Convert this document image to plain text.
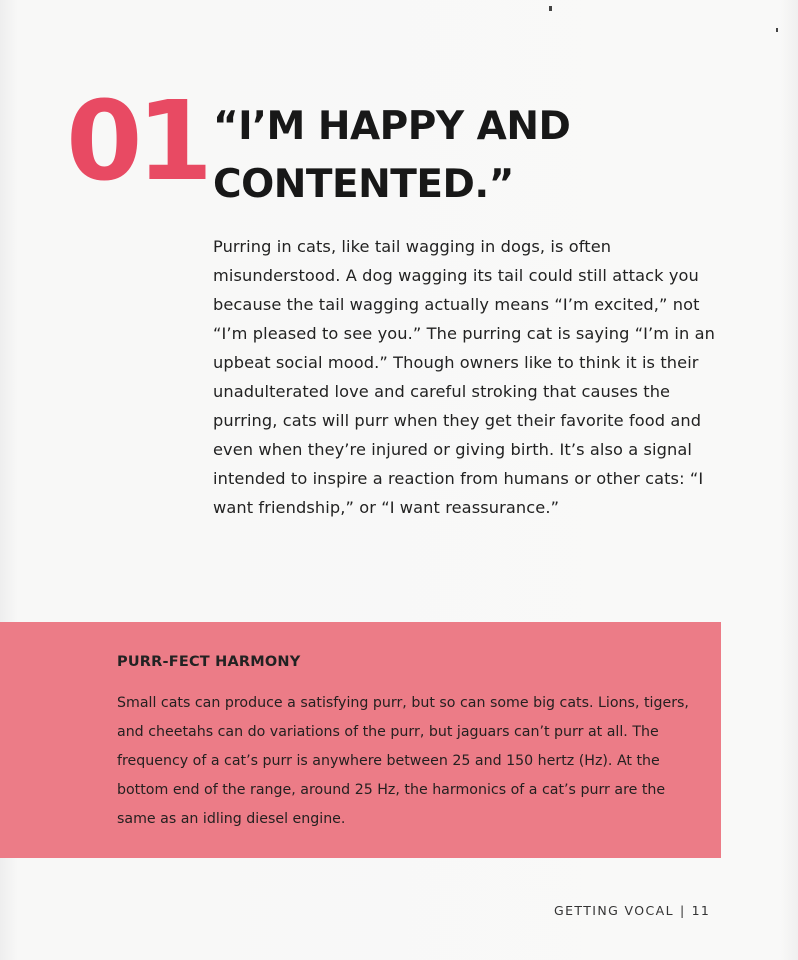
01 “I’M HAPPY AND
CONTENTED.”

Purring in cats, like tail wagging in dogs, is often
misunderstood. A dog wagging its tail could still attack you
because the tail wagging actually means “I’m excited,” not
“I’m pleased to see you.” The purring cat is saying “I’m in an
upbeat social mood.” Though owners like to think it is their
unadulterated love and careful stroking that causes the
purring, cats will purr when they get their favorite food and
even when they’re injured or giving birth. It’s also a signal
intended to inspire a reaction from humans or other cats: “I
want friendship,” or “I want reassurance.”

PURR-FECT HARMONY

Small cats can produce a satisfying purr, but so can some big cats. Lions, tigers,
and cheetahs can do variations of the purr, but jaguars can’t purr at all. The
frequency of a cat’s purr is anywhere between 25 and 150 hertz (Hz). At the
bottom end of the range, around 25 Hz, the harmonics of a cat’s purr are the
same as an idling diesel engine.

GETTING VOCAL | 11
